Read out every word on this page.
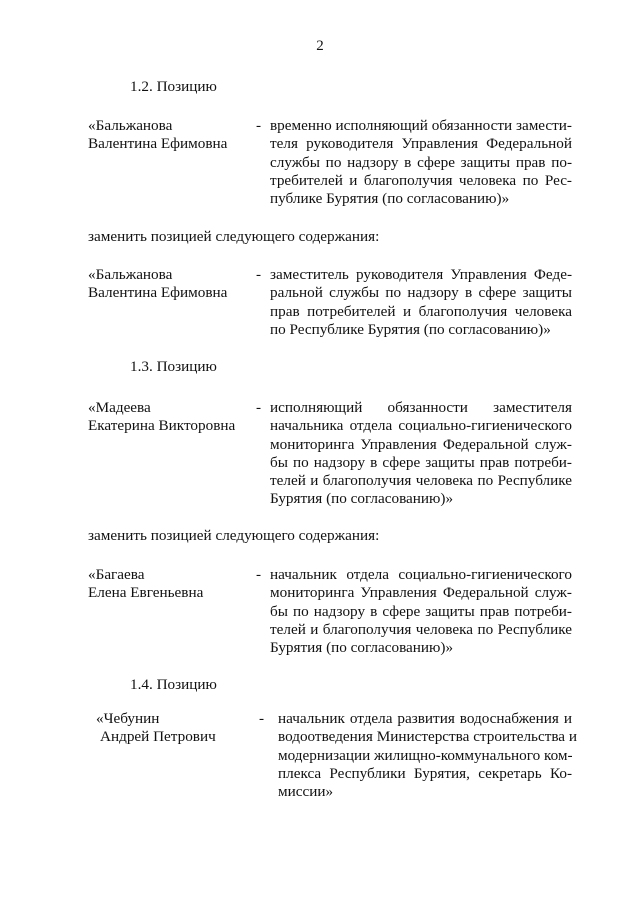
2
1.2. Позицию
«Бальжанова
Валентина Ефимовна
- временно исполняющий обязанности замести-
теля руководителя Управления Федеральной
службы по надзору в сфере защиты прав по-
требителей и благополучия человека по Рес-
публике Бурятия (по согласованию)»
заменить позицией следующего содержания:
«Бальжанова
Валентина Ефимовна
- заместитель руководителя Управления Феде-
ральной службы по надзору в сфере защиты
прав потребителей и благополучия человека
по Республике Бурятия (по согласованию)»
1.3. Позицию
«Мадеева
Екатерина Викторовна
- исполняющий обязанности заместителя
начальника отдела социально-гигиенического
мониторинга Управления Федеральной служ-
бы по надзору в сфере защиты прав потреби-
телей и благополучия человека по Республике
Бурятия (по согласованию)»
заменить позицией следующего содержания:
«Багаева
Елена Евгеньевна
- начальник отдела социально-гигиенического
мониторинга Управления Федеральной служ-
бы по надзору в сфере защиты прав потреби-
телей и благополучия человека по Республике
Бурятия (по согласованию)»
1.4. Позицию
«Чебунин
Андрей Петрович
- начальник отдела развития водоснабжения и
водоотведения Министерства строительства и
модернизации жилищно-коммунального ком-
плекса Республики Бурятия, секретарь Ко-
миссии»
